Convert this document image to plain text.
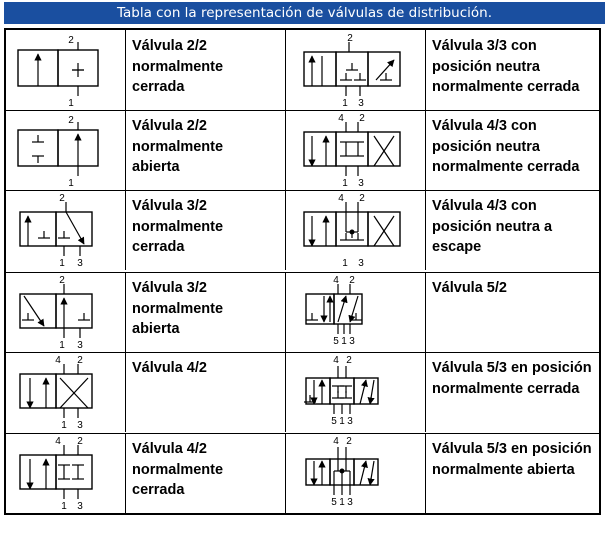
Tabla con la representación de válvulas de distribución.
2
1
Válvula 2/2
normalmente
cerrada
2
1 3
Válvula 3/3 con
posición neutra
normalmente cerrada
2
1
Válvula 2/2
normalmente
abierta
4 2
1 3
Válvula 4/3 con
posición neutra
normalmente cerrada
2
1 3
Válvula 3/2
normalmente
cerrada
4 2
1 3
Válvula 4/3 con
posición neutra a
escape
2
1 3
Válvula 3/2
normalmente
abierta
4 2
5 1 3
Válvula 5/2
4 2
1 3
Válvula 4/2	4 2
5 1 3
Válvula 5/3 en posición
normalmente cerrada
4 2
1 3
Válvula 4/2
normalmente
cerrada
4 2
5 1 3
Válvula 5/3 en posición
normalmente abierta
